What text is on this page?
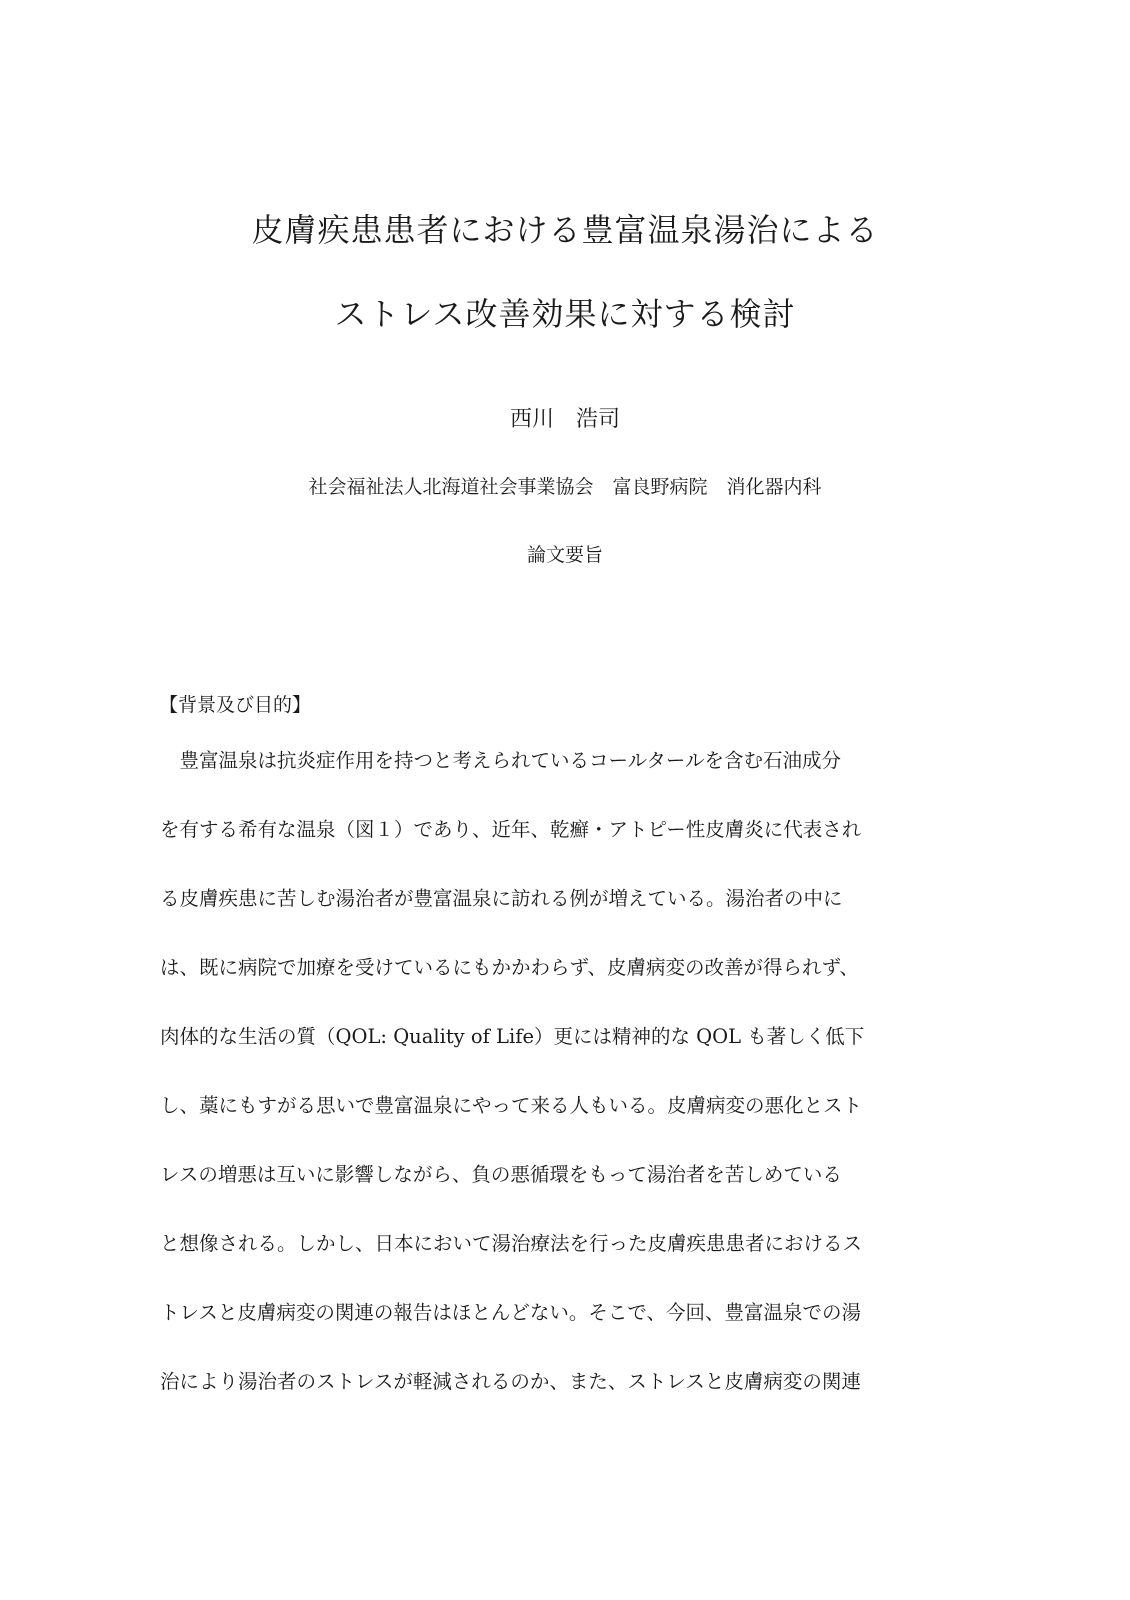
皮膚疾患患者における豊富温泉湯治による
ストレス改善効果に対する検討
西川　浩司
社会福祉法人北海道社会事業協会　富良野病院　消化器内科
論文要旨
【背景及び目的】
　豊富温泉は抗炎症作用を持つと考えられているコールタールを含む石油成分
を有する希有な温泉（図１）であり、近年、乾癬・アトピー性皮膚炎に代表され
る皮膚疾患に苦しむ湯治者が豊富温泉に訪れる例が増えている。湯治者の中に
は、既に病院で加療を受けているにもかかわらず、皮膚病変の改善が得られず、
肉体的な生活の質（QOL: Quality of Life）更には精神的な QOL も著しく低下
し、藁にもすがる思いで豊富温泉にやって来る人もいる。皮膚病変の悪化とスト
レスの増悪は互いに影響しながら、負の悪循環をもって湯治者を苦しめている
と想像される。しかし、日本において湯治療法を行った皮膚疾患患者におけるス
トレスと皮膚病変の関連の報告はほとんどない。そこで、今回、豊富温泉での湯
治により湯治者のストレスが軽減されるのか、また、ストレスと皮膚病変の関連
